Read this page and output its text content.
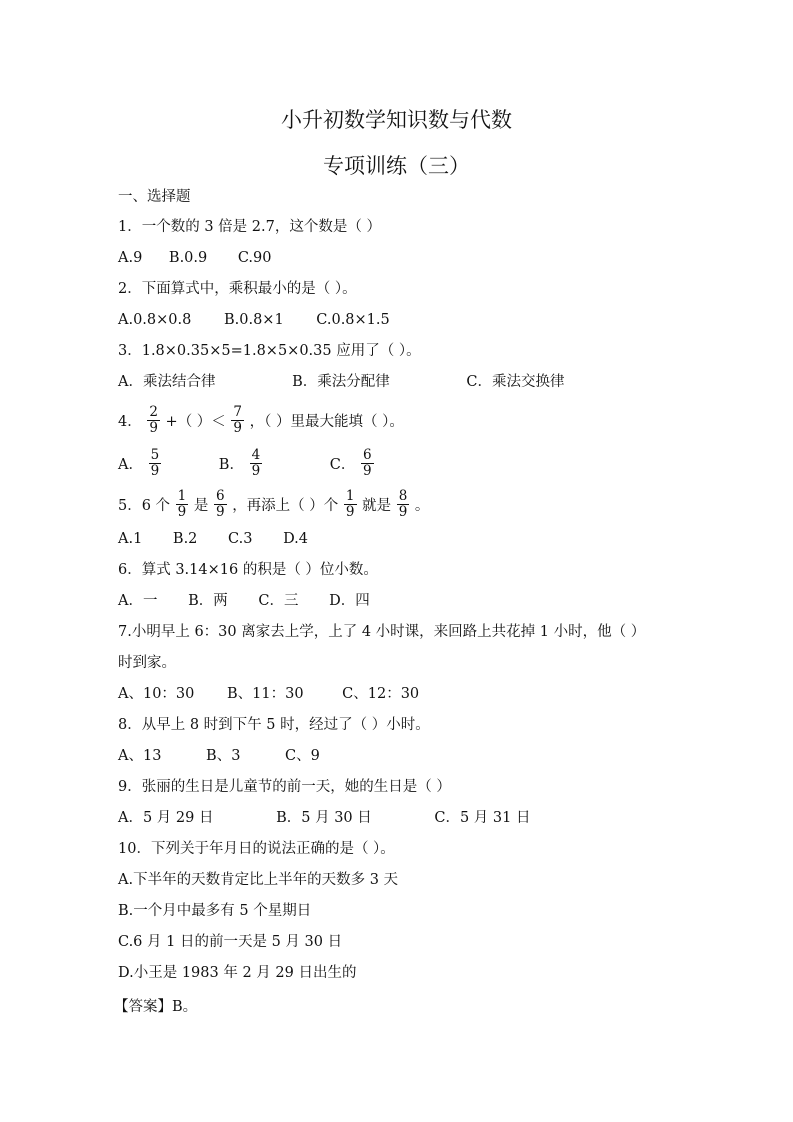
小升初数学知识数与代数
专项训练（三）
一、选择题
1．一个数的 3 倍是 2.7，这个数是（ ）
A.9 B.0.9 C.90
2．下面算式中，乘积最小的是（ ）。
A.0.8×0.8 B.0.8×1 C.0.8×1.5
3．1.8×0.35×5=1.8×5×0.35 应用了（ ）。
A．乘法结合律	B．乘法分配律	C．乘法交换律
4． $\frac{2}{9}$ +（ ）＜ $\frac{7}{9}$ ，（ ）里最大能填（ ）。
A． $\frac{5}{9}$	B． $\frac{4}{9}$	C． $\frac{6}{9}$
5．6 个 $\frac{1}{9}$ 是 $\frac{6}{9}$ ，再添上（ ）个 $\frac{1}{9}$ 就是 $\frac{8}{9}$ 。
A.1 B.2 C.3 D.4
6．算式 3.14×16 的积是（ ）位小数。
A．一 B．两 C．三 D．四
7.小明早上 6：30 离家去上学，上了 4 小时课，来回路上共花掉 1 小时，他（ ）
时到家。
A、10：30 B、11：30	C、12：30
8．从早上 8 时到下午 5 时，经过了（ ）小时。
A、13	B、3	C、9
9．张丽的生日是儿童节的前一天，她的生日是（ ）
A．5 月 29 日	B．5 月 30 日	C．5 月 31 日
10．下列关于年月日的说法正确的是（ ）。
A.下半年的天数肯定比上半年的天数多 3 天
B.一个月中最多有 5 个星期日
C.6 月 1 日的前一天是 5 月 30 日
D.小王是 1983 年 2 月 29 日出生的
【答案】B。
